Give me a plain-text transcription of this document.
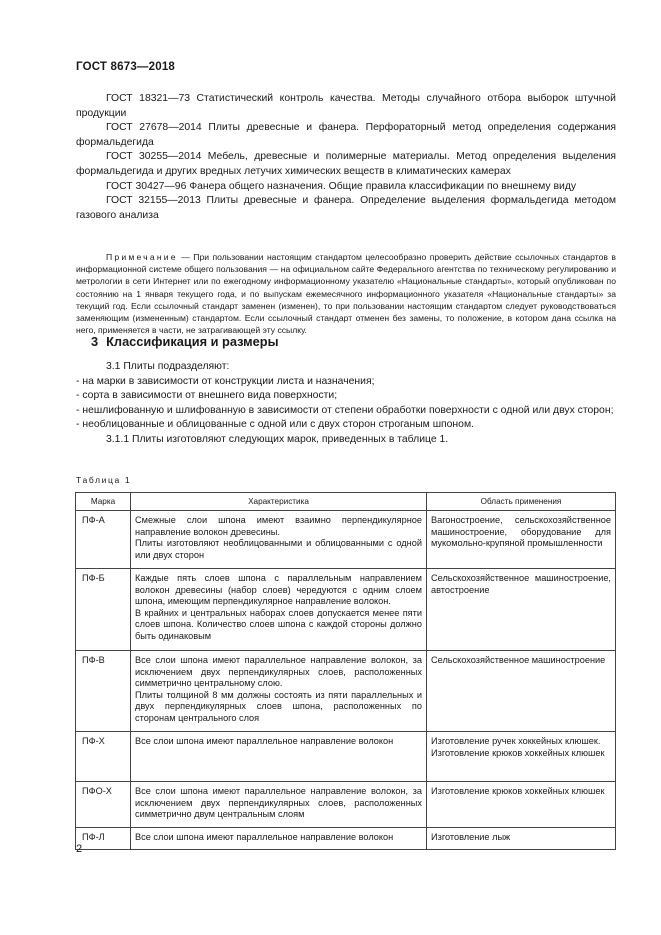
ГОСТ 8673—2018

ГОСТ 18321—73 Статистический контроль качества. Методы случайного отбора выборок штучной продукции

ГОСТ 27678—2014 Плиты древесные и фанера. Перфораторный метод определения содержания формальдегида

ГОСТ 30255—2014 Мебель, древесные и полимерные материалы. Метод определения выделения формальдегида и других вредных летучих химических веществ в климатических камерах

ГОСТ 30427—96 Фанера общего назначения. Общие правила классификации по внешнему виду

ГОСТ 32155—2013 Плиты древесные и фанера. Определение выделения формальдегида методом газового анализа

Примечание — При пользовании настоящим стандартом целесообразно проверить действие ссылочных стандартов в информационной системе общего пользования — на официальном сайте Федерального агентства по техническому регулированию и метрологии в сети Интернет или по ежегодному информационному указателю «Национальные стандарты», который опубликован по состоянию на 1 января текущего года, и по выпускам ежемесячного информационного указателя «Национальные стандарты» за текущий год. Если ссылочный стандарт заменен (изменен), то при пользовании настоящим стандартом следует руководствоваться заменяющим (измененным) стандартом. Если ссылочный стандарт отменен без замены, то положение, в котором дана ссылка на него, применяется в части, не затрагивающей эту ссылку.

3 Классификация и размеры

3.1 Плиты подразделяют:

- на марки в зависимости от конструкции листа и назначения;

- сорта в зависимости от внешнего вида поверхности;

- нешлифованную и шлифованную в зависимости от степени обработки поверхности с одной или двух сторон;

- необлицованные и облицованные с одной или с двух сторон строганым шпоном.

3.1.1 Плиты изготовляют следующих марок, приведенных в таблице 1.

Таблица 1
Марка	Характеристика	Область применения
ПФ-А	Смежные слои шпона имеют взаимно перпендикулярное направление волокон древесины.
Плиты изготовляют необлицованными и облицованными с одной или двух сторон	Вагоностроение, сельскохозяйственное машиностроение, оборудование для мукомольно-крупяной промышленности

ПФ-Б	Каждые пять слоев шпона с параллельным направлением волокон древесины (набор слоев) чередуются с одним слоем шпона, имеющим перпендикулярное направление волокон.
В крайних и центральных наборах слоев допускается менее пяти слоев шпона. Количество слоев шпона с каждой стороны должно быть одинаковым	Сельскохозяйственное машиностроение, автостроение

ПФ-В	Все слои шпона имеют параллельное направление волокон, за исключением двух перпендикулярных слоев, расположенных симметрично центральному слою.
Плиты толщиной 8 мм должны состоять из пяти параллельных и двух перпендикулярных слоев шпона, расположенных по сторонам центрального слоя	Сельскохозяйственное машиностроение

ПФ-Х	Все слои шпона имеют параллельное направление волокон	Изготовление ручек хоккейных клюшек.
Изготовление крюков хоккейных клюшек

ПФО-Х	Все слои шпона имеют параллельное направление волокон, за исключением двух перпендикулярных слоев, расположенных симметрично двум центральным слоям	Изготовление крюков хоккейных клюшек

ПФ-Л	Все слои шпона имеют параллельное направление волокон	Изготовление лыж
2
